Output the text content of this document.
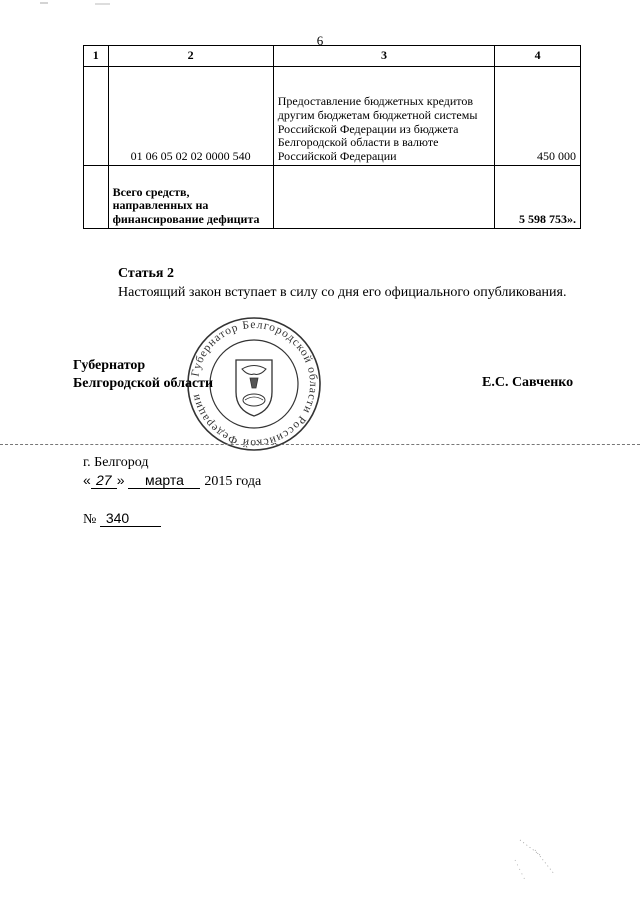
6
1	2	3	4
	01 06 05 02 02 0000 540	Предоставление бюджетных кредитов другим бюджетам бюджетной системы Российской Федерации из бюджета Белгородской области в валюте Российской Федерации	450 000
	Всего средств, направленных на финансирование дефицита		5 598 753».
Статья 2
Настоящий закон вступает в силу со дня его официального опубликования.
Губернатор Белгородской области Российской Федерации
Губернатор
Белгородской области	Е.С. Савченко
г. Белгород
« 27 » марта 2015 года
№ 340
